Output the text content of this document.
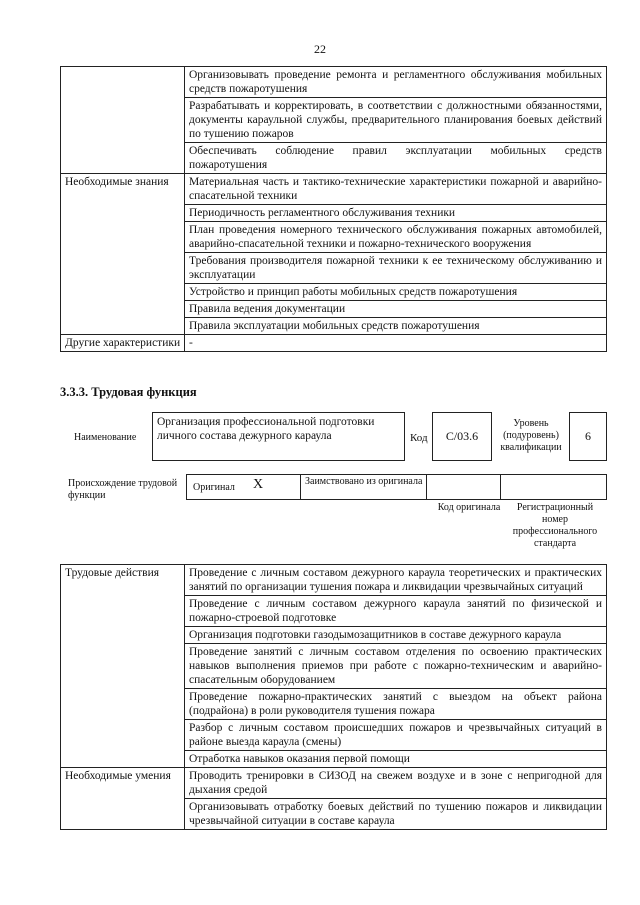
22
	Организовывать проведение ремонта и регламентного обслуживания мобильных средств пожаротушения
	Разрабатывать и корректировать, в соответствии с должностными обязанностями, документы караульной службы, предварительного планирования боевых действий по тушению пожаров
	Обеспечивать соблюдение правил эксплуатации мобильных средств пожаротушения
Необходимые знания	Материальная часть и тактико-технические характеристики пожарной и аварийно-спасательной техники
	Периодичность регламентного обслуживания техники
	План проведения номерного технического обслуживания пожарных автомобилей, аварийно-спасательной техники и пожарно-технического вооружения
	Требования производителя пожарной техники к ее техническому обслуживанию и эксплуатации
	Устройство и принцип работы мобильных средств пожаротушения
	Правила ведения документации
	Правила эксплуатации мобильных средств пожаротушения
Другие характеристики	-
3.3.3. Трудовая функция
Наименование
Организация профессиональной подготовки личного состава дежурного караула	Код	С/03.6
Уровень (подуровень) квалификации
6
Происхождение трудовой функции
Оригинал X	Заимствовано из оригинала
Код оригинала	Регистрационный номер профессионального стандарта
Трудовые действия	Проведение с личным составом дежурного караула теоретических и практических занятий по организации тушения пожара и ликвидации чрезвычайных ситуаций
	Проведение с личным составом дежурного караула занятий по физической и пожарно-строевой подготовке
	Организация подготовки газодымозащитников в составе дежурного караула
	Проведение занятий с личным составом отделения по освоению практических навыков выполнения приемов при работе с пожарно-техническим и аварийно-спасательным оборудованием
	Проведение пожарно-практических занятий с выездом на объект района (подрайона) в роли руководителя тушения пожара
	Разбор с личным составом происшедших пожаров и чрезвычайных ситуаций в районе выезда караула (смены)
	Отработка навыков оказания первой помощи
Необходимые умения	Проводить тренировки в СИЗОД на свежем воздухе и в зоне с непригодной для дыхания средой
	Организовывать отработку боевых действий по тушению пожаров и ликвидации чрезвычайной ситуации в составе караула
